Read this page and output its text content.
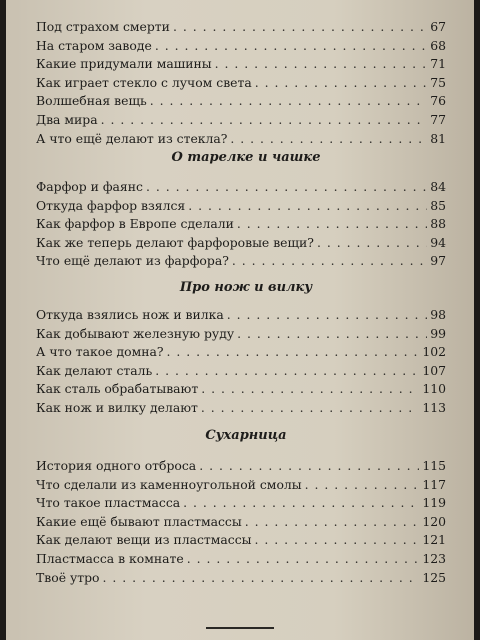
Под страхом смерти . . .	67
На старом заводе . . .	68
Какие придумали машины . . .	71
Как играет стекло с лучом света . . .	75
Волшебная вещь . . .	76
Два мира . . .	77
А что ещё делают из стекла? . . .	81
О тарелке и чашке
Фарфор и фаянс . . .	84
Откуда фарфор взялся . . .	85
Как фарфор в Европе сделали . . .	88
Как же теперь делают фарфоровые вещи? . . .	94
Что ещё делают из фарфора? . . .	97
Про нож и вилку
Откуда взялись нож и вилка . . .	98
Как добывают железную руду . . .	99
А что такое домна? . . .	102
Как делают сталь . . .	107
Как сталь обрабатывают . . .	110
Как нож и вилку делают . . .	113
Сухарница
История одного отброса . . .	115
Что сделали из каменноугольной смолы . . .	117
Что такое пластмасса . . .	119
Какие ещё бывают пластмассы . . .	120
Как делают вещи из пластмассы . . .	121
Пластмасса в комнате . . .	123
Твоё утро . . .	125
